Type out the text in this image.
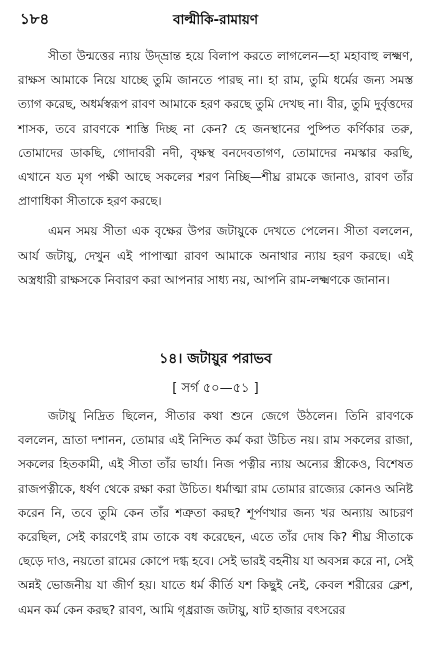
১৮৪	বাল্মীকি-রামায়ণ

সীতা উন্মত্তের ন্যায় উদ্‌ভ্রান্ত হয়ে বিলাপ করতে লাগলেন—হা মহাবাহু লক্ষ্মণ, রাক্ষস আমাকে নিয়ে যাচ্ছে তুমি জানতে পারছ না। হা রাম, তুমি ধর্মের জন্য সমস্ত ত্যাগ করেছ, অধর্মস্বরূপ রাবণ আমাকে হরণ করছে তুমি দেখছ না। বীর, তুমি দুর্বৃত্তদের শাসক, তবে রাবণকে শাস্তি দিচ্ছ না কেন? হে জনস্থানের পুষ্পিত কর্ণিকার তরু, তোমাদের ডাকছি, গোদাবরী নদী, বৃক্ষস্থ বনদেবতাগণ, তোমাদের নমস্কার করছি, এখানে যত মৃগ পক্ষী আছে সকলের শরণ নিচ্ছি—শীঘ্র রামকে জানাও, রাবণ তাঁর প্রাণাধিকা সীতাকে হরণ করছে।

এমন সময় সীতা এক বৃক্ষের উপর জটায়ুকে দেখতে পেলেন। সীতা বললেন, আর্য জটায়ু, দেখুন এই পাপাত্মা রাবণ আমাকে অনাথার ন্যায় হরণ করছে। এই অস্ত্রধারী রাক্ষসকে নিবারণ করা আপনার সাধ্য নয়, আপনি রাম-লক্ষ্মণকে জানান।

১৪। জটায়ুর পরাভব
[ সর্গ ৫০—৫১ ]

জটায়ু নিদ্রিত ছিলেন, সীতার কথা শুনে জেগে উঠলেন। তিনি রাবণকে বললেন, ভ্রাতা দশানন, তোমার এই নিন্দিত কর্ম করা উচিত নয়। রাম সকলের রাজা, সকলের হিতকামী, এই সীতা তাঁর ভার্যা। নিজ পত্নীর ন্যায় অন্যের স্ত্রীকেও, বিশেষত রাজপত্নীকে, ধর্ষণ থেকে রক্ষা করা উচিত। ধর্মাত্মা রাম তোমার রাজ্যের কোনও অনিষ্ট করেন নি, তবে তুমি কেন তাঁর শত্রুতা করছ? শূর্পণখার জন্য খর অন্যায় আচরণ করেছিল, সেই কারণেই রাম তাকে বধ করেছেন, এতে তাঁর দোষ কি? শীঘ্র সীতাকে ছেড়ে দাও, নয়তো রামের কোপে দগ্ধ হবে। সেই ভারই বহনীয় যা অবসন্ন করে না, সেই অন্নই ভোজনীয় যা জীর্ণ হয়। যাতে ধর্ম কীর্তি যশ কিছুই নেই, কেবল শরীরের ক্লেশ, এমন কর্ম কেন করছ? রাবণ, আমি গৃধ্ররাজ জটায়ু, ষাট হাজার বৎসরের
